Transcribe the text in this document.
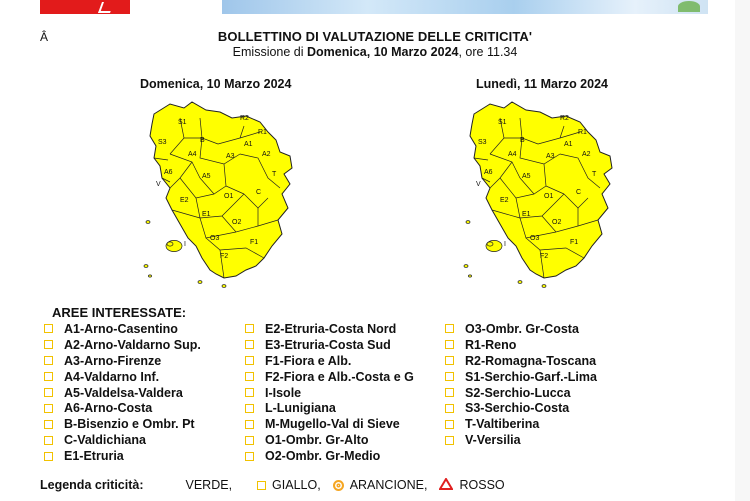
Â	BOLLETTINO DI VALUTAZIONE DELLE CRITICITA'
Emissione di Domenica, 10 Marzo 2024, ore 11.34
Domenica, 10 Marzo 2024	Lunedì, 11 Marzo 2024
S1
R2
S3	B
R1
A1
A4	A2
A3
A6
A5	T
C
V
E2
O1
E1
O2
O3
F1
F2
I
S1
R2
S3	B
R1
A1
A4	A2
A3
A6
A5	T
C
V
E2
O1
E1
O2
O3
F1
F2
I
AREE INTERESSATE:
A1-Arno-Casentino
A2-Arno-Valdarno Sup.
A3-Arno-Firenze
A4-Valdarno Inf.
A5-Valdelsa-Valdera
A6-Arno-Costa
B-Bisenzio e Ombr. Pt
C-Valdichiana
E1-Etruria
E2-Etruria-Costa Nord
E3-Etruria-Costa Sud
F1-Fiora e Alb.
F2-Fiora e Alb.-Costa e G
I-Isole
L-Lunigiana
M-Mugello-Val di Sieve
O1-Ombr. Gr-Alto
O2-Ombr. Gr-Medio
O3-Ombr. Gr-Costa
R1-Reno
R2-Romagna-Toscana
S1-Serchio-Garf.-Lima
S2-Serchio-Lucca
S3-Serchio-Costa
T-Valtiberina
V-Versilia
Legenda criticità:	VERDE,	GIALLO, ARANCIONE,	ROSSO
